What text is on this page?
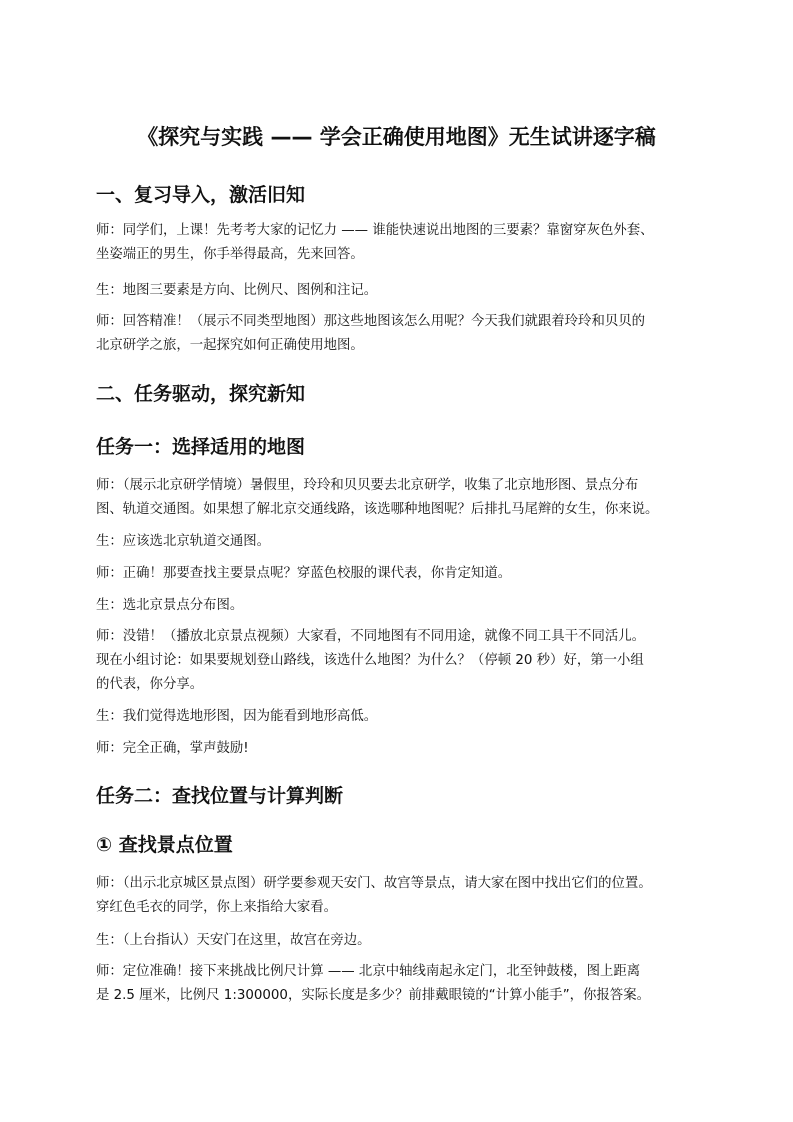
《探究与实践 —— 学会正确使用地图》无生试讲逐字稿
一、复习导入，激活旧知

师：同学们，上课！先考考大家的记忆力 —— 谁能快速说出地图的三要素？靠窗穿灰色外套、
坐姿端正的男生，你手举得最高，先来回答。

生：地图三要素是方向、比例尺、图例和注记。

师：回答精准！（展示不同类型地图）那这些地图该怎么用呢？今天我们就跟着玲玲和贝贝的
北京研学之旅，一起探究如何正确使用地图。

二、任务驱动，探究新知
任务一：选择适用的地图

师：（展示北京研学情境）暑假里，玲玲和贝贝要去北京研学，收集了北京地形图、景点分布
图、轨道交通图。如果想了解北京交通线路，该选哪种地图呢？后排扎马尾辫的女生，你来说。

生：应该选北京轨道交通图。

师：正确！那要查找主要景点呢？穿蓝色校服的课代表，你肯定知道。

生：选北京景点分布图。

师：没错！（播放北京景点视频）大家看，不同地图有不同用途，就像不同工具干不同活儿。
现在小组讨论：如果要规划登山路线，该选什么地图？为什么？（停顿 20 秒）好，第一小组
的代表，你分享。

生：我们觉得选地形图，因为能看到地形高低。

师：完全正确，掌声鼓励!

任务二：查找位置与计算判断
① 查找景点位置

师：（出示北京城区景点图）研学要参观天安门、故宫等景点，请大家在图中找出它们的位置。
穿红色毛衣的同学，你上来指给大家看。

生：（上台指认）天安门在这里，故宫在旁边。

师：定位准确！接下来挑战比例尺计算 —— 北京中轴线南起永定门，北至钟鼓楼，图上距离
是 2.5 厘米，比例尺 1:300000，实际长度是多少？前排戴眼镜的“计算小能手”，你报答案。
